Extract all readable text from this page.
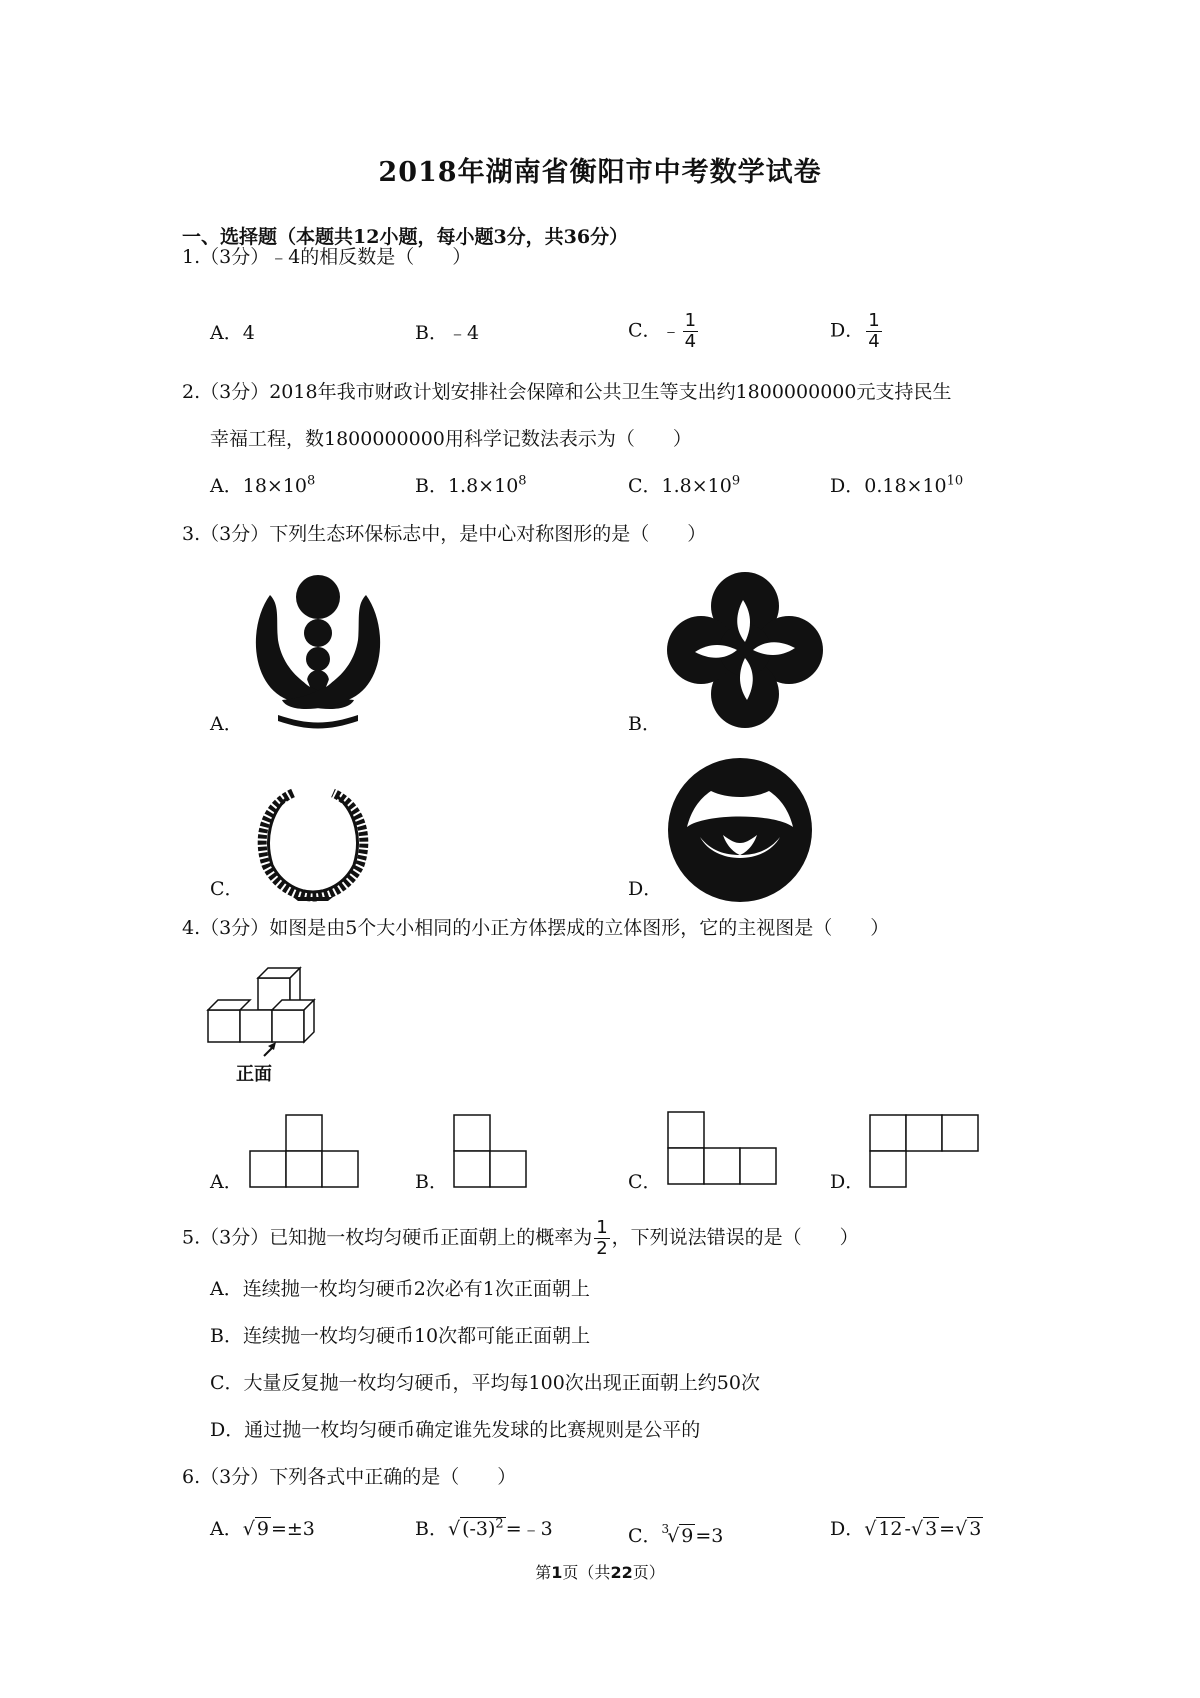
2018年湖南省衡阳市中考数学试卷
一、选择题（本题共12小题，每小题3分，共36分）
1.（3分）﹣4的相反数是（　　）
A．4	B．﹣4	C．﹣ $\frac{1}{4}$	D． $\frac{1}{4}$
2.（3分）2018年我市财政计划安排社会保障和公共卫生等支出约1800000000元支持民生
幸福工程，数1800000000用科学记数法表示为（　　）
A．$18\times 10^8$	B．$1.8\times 10^8$	C．$1.8\times 10^9$	D．$0.18\times 10^{10}$
3.（3分）下列生态环保标志中，是中心对称图形的是（　　）
A．	B．
C．	D．
4.（3分）如图是由5个大小相同的小正方体摆成的立体图形，它的主视图是（　　）
正面
A．	B．	C．	D．
5.（3分）已知抛一枚均匀硬币正面朝上的概率为 $\frac{1}{2}$ ，下列说法错误的是（　　）
A．连续抛一枚均匀硬币2次必有1次正面朝上
B．连续抛一枚均匀硬币10次都可能正面朝上
C．大量反复抛一枚均匀硬币，平均每100次出现正面朝上约50次
D．通过抛一枚均匀硬币确定谁先发球的比赛规则是公平的
6.（3分）下列各式中正确的是（　　）
A．√ 9 =±3	B．√ $(-3)^2$ =﹣3	C．$^3$√ 9 =3	D．√ 12 -√ 3 =√ 3
第1页（共22页）
